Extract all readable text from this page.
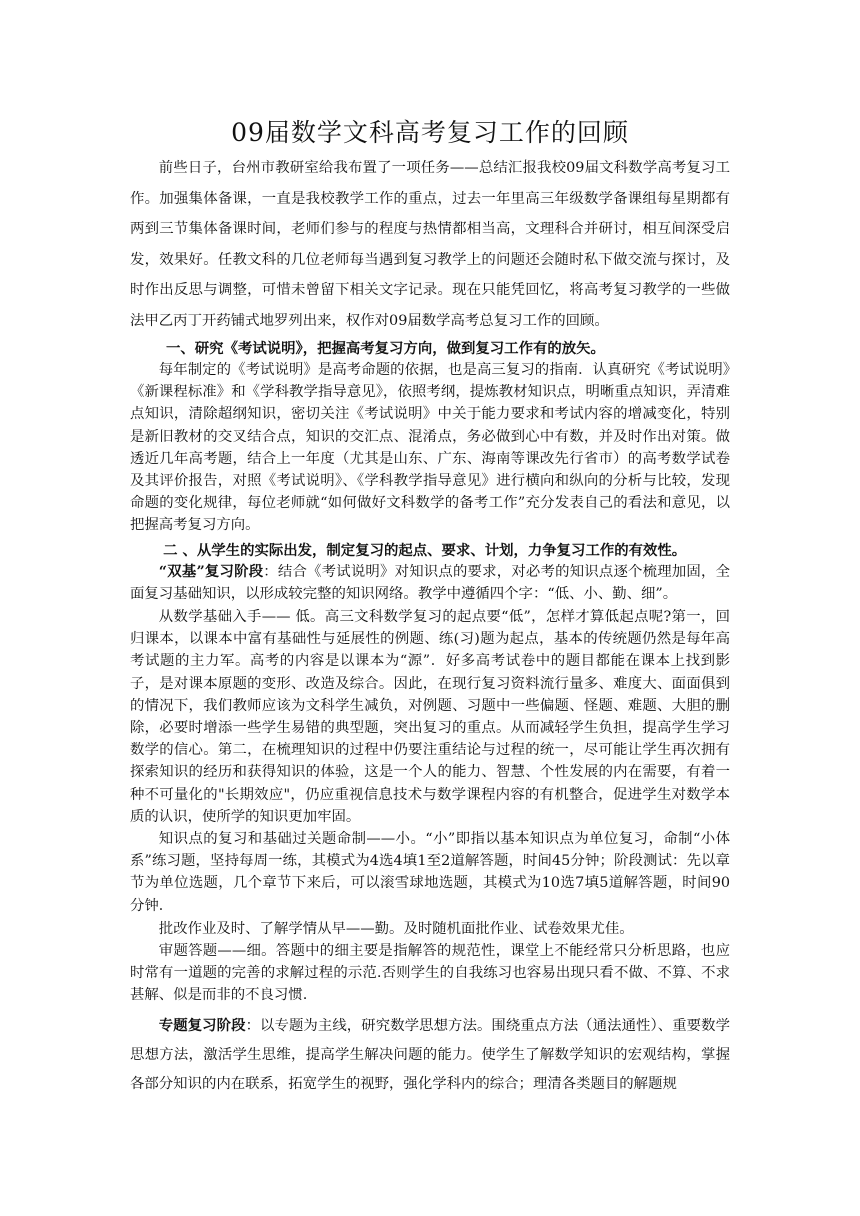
09届数学文科高考复习工作的回顾

前些日子，台州市教研室给我布置了一项任务——总结汇报我校09届文科数学高考复习工作。加强集体备课，一直是我校教学工作的重点，过去一年里高三年级数学备课组每星期都有两到三节集体备课时间，老师们参与的程度与热情都相当高，文理科合并研讨，相互间深受启发，效果好。任教文科的几位老师每当遇到复习教学上的问题还会随时私下做交流与探讨，及时作出反思与调整，可惜未曾留下相关文字记录。现在只能凭回忆，将高考复习教学的一些做法甲乙丙丁开药铺式地罗列出来，权作对09届数学高考总复习工作的回顾。

一、研究《考试说明》，把握高考复习方向，做到复习工作有的放矢。

每年制定的《考试说明》是高考命题的依据，也是高三复习的指南．认真研究《考试说明》《新课程标准》和《学科教学指导意见》，依照考纲，提炼教材知识点，明晰重点知识，弄清难点知识，清除超纲知识，密切关注《考试说明》中关于能力要求和考试内容的增减变化，特别是新旧教材的交叉结合点，知识的交汇点、混淆点，务必做到心中有数，并及时作出对策。做透近几年高考题，结合上一年度（尤其是山东、广东、海南等课改先行省市）的高考数学试卷及其评价报告，对照《考试说明》、《学科教学指导意见》进行横向和纵向的分析与比较，发现命题的变化规律，每位老师就“如何做好文科数学的备考工作”充分发表自己的看法和意见，以把握高考复习方向。

二 、从学生的实际出发，制定复习的起点、要求、计划，力争复习工作的有效性。

“双基”复习阶段：结合《考试说明》对知识点的要求，对必考的知识点逐个梳理加固，全面复习基础知识，以形成较完整的知识网络。教学中遵循四个字：“低、小、勤、细”。

从数学基础入手—— 低。高三文科数学复习的起点要“低”，怎样才算低起点呢?第一，回归课本，以课本中富有基础性与延展性的例题、练(习)题为起点，基本的传统题仍然是每年高考试题的主力军。高考的内容是以课本为“源”．好多高考试卷中的题目都能在课本上找到影子，是对课本原题的变形、改造及综合。因此，在现行复习资料流行量多、难度大、面面俱到的情况下，我们教师应该为文科学生减负，对例题、习题中一些偏题、怪题、难题、大胆的删除，必要时增添一些学生易错的典型题，突出复习的重点。从而减轻学生负担，提高学生学习数学的信心。第二，在梳理知识的过程中仍要注重结论与过程的统一，尽可能让学生再次拥有探索知识的经历和获得知识的体验，这是一个人的能力、智慧、个性发展的内在需要，有着一种不可量化的"长期效应"，仍应重视信息技术与数学课程内容的有机整合，促进学生对数学本质的认识，使所学的知识更加牢固。

知识点的复习和基础过关题命制——小。“小”即指以基本知识点为单位复习，命制“小体系”练习题，坚持每周一练，其模式为4选4填1至2道解答题，时间45分钟；阶段测试：先以章节为单位选题，几个章节下来后，可以滚雪球地选题，其模式为10选7填5道解答题，时间90分钟．

批改作业及时、了解学情从早——勤。及时随机面批作业、试卷效果尤佳。

审题答题——细。答题中的细主要是指解答的规范性，课堂上不能经常只分析思路，也应时常有一道题的完善的求解过程的示范.否则学生的自我练习也容易出现只看不做、不算、不求甚解、似是而非的不良习惯.

专题复习阶段：以专题为主线，研究数学思想方法。围绕重点方法（通法通性）、重要数学思想方法，激活学生思维，提高学生解决问题的能力。使学生了解数学知识的宏观结构，掌握各部分知识的内在联系，拓宽学生的视野，强化学科内的综合；理清各类题目的解题规
